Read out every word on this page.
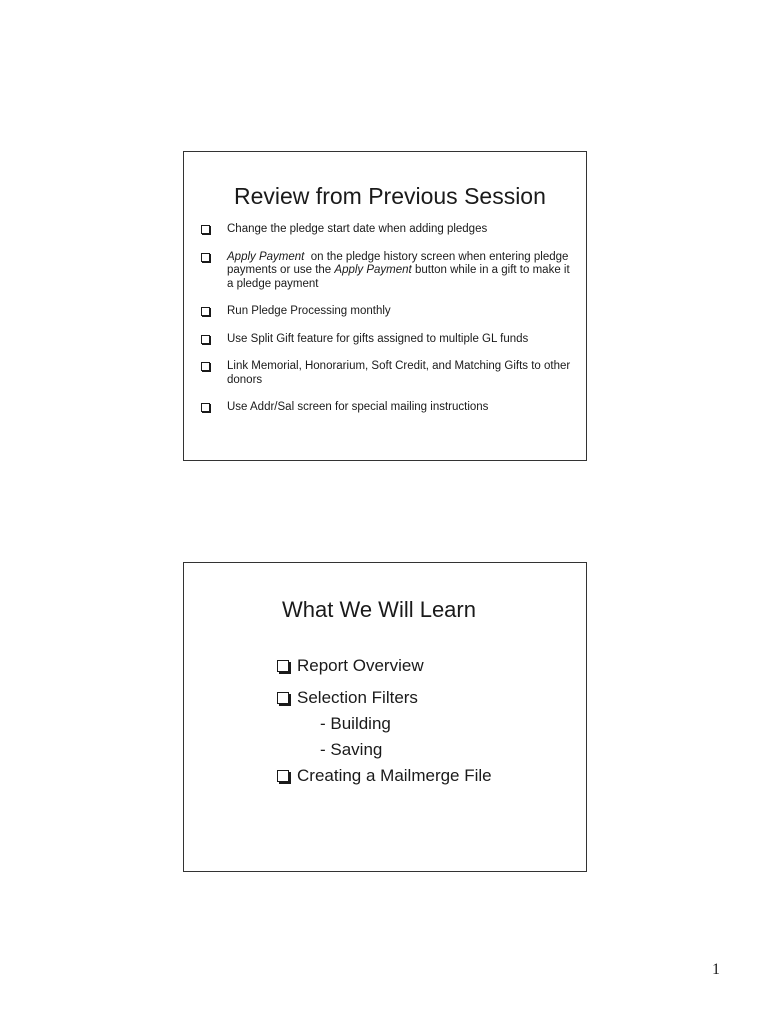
Review from Previous Session
Change the pledge start date when adding pledges
Apply Payment  on the pledge history screen when entering pledge payments or use the Apply Payment button while in a gift to make it a pledge payment
Run Pledge Processing monthly
Use Split Gift feature for gifts assigned to multiple GL funds
Link Memorial, Honorarium, Soft Credit, and Matching Gifts to other donors
Use Addr/Sal screen for special mailing instructions
What We Will Learn
Report Overview
Selection Filters
- Building
- Saving
Creating a Mailmerge File
1
